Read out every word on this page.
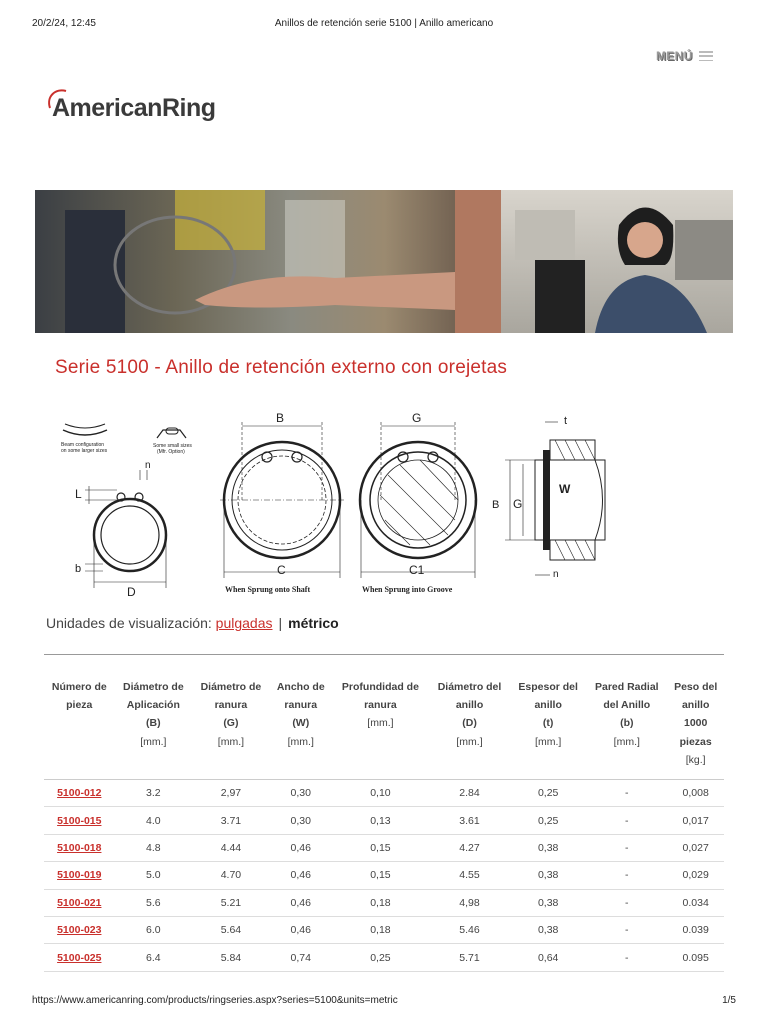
20/2/24, 12:45	Anillos de retención serie 5100 | Anillo americano
MENÚ
AmericanRing
Serie 5100 - Anillo de retención externo con orejetas
Beam configuration
on some larger sizes
Some small sizes
(Mfr. Option)
L
n
b
D
B
C
When Sprung onto Shaft
G
C1
When Sprung into Groove
t
B G
W
n
Unidades de visualización: pulgadas | métrico
Número de
pieza	Diámetro de
Aplicación
(B)
[mm.]	Diámetro de
ranura
(G)
[mm.]	Ancho de
ranura
(W)
[mm.]	Profundidad de
ranura
[mm.]	Diámetro del
anillo
(D)
[mm.]	Espesor del
anillo
(t)
[mm.]	Pared Radial
del Anillo
(b)
[mm.]	Peso del
anillo
1000
piezas
[kg.]

5100-012	3.2	2,97	0,30	0,10	2.84	0,25	-	0,008
5100-015	4.0	3.71	0,30	0,13	3.61	0,25	-	0,017
5100-018	4.8	4.44	0,46	0,15	4.27	0,38	-	0,027
5100-019	5.0	4.70	0,46	0,15	4.55	0,38	-	0,029
5100-021	5.6	5.21	0,46	0,18	4,98	0,38	-	0.034
5100-023	6.0	5.64	0,46	0,18	5.46	0,38	-	0.039
5100-025	6.4	5.84	0,74	0,25	5.71	0,64	-	0.095
https://www.americanring.com/products/ringseries.aspx?series=5100&units=metric	1/5
